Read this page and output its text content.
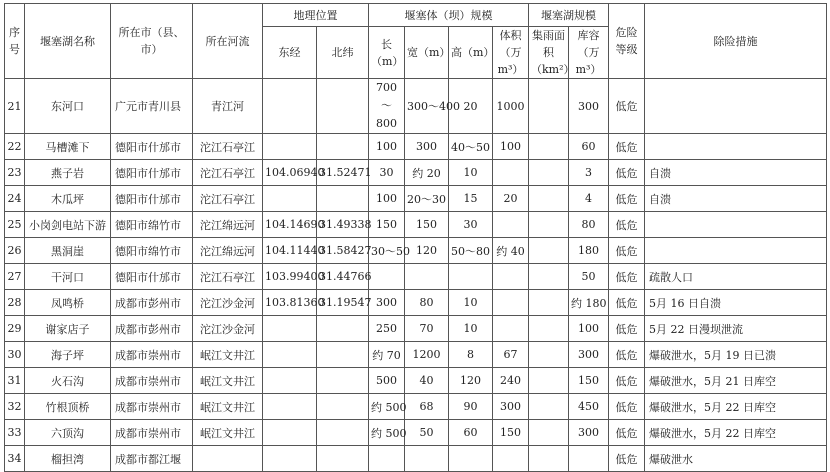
序号	堰塞湖名称	所在市（县、市）	所在河流	地理位置		堰塞体（坝）规模				堰塞湖规模		危险等级	除险措施
				东经	北纬	长（m）	宽（m）	高（m）	体积（万 m³）	集雨面积（km²）	库容（万 m³）		
21	东河口	广元市青川县	青江河			700～800	300～400	20	1000		300	低危	
22	马槽滩下	德阳市什邡市	沱江石亭江			100	300	40～50	100		60	低危	
23	燕子岩	德阳市什邡市	沱江石亭江	104.06940	31.52471	30	约 20	10			3	低危	自溃
24	木瓜坪	德阳市什邡市	沱江石亭江			100	20～30	15	20		4	低危	自溃
25	小岗剑电站下游	德阳市绵竹市	沱江绵远河	104.14690	31.49338	150	150	30			80	低危	
26	黑洞崖	德阳市绵竹市	沱江绵远河	104.11440	31.58427	30～50	120	50～80	约 40		180	低危	
27	干河口	德阳市什邡市	沱江石亭江	103.99400	31.44766						50	低危	疏散人口
28	凤鸣桥	成都市彭州市	沱江沙金河	103.81360	31.19547	300	80	10			约 180	低危	5月 16 日自溃
29	谢家店子	成都市彭州市	沱江沙金河			250	70	10			100	低危	5月 22 日漫坝泄流
30	海子坪	成都市崇州市	岷江文井江			约 70	1200	8	67		300	低危	爆破泄水，5月 19 日已溃
31	火石沟	成都市崇州市	岷江文井江			500	40	120	240		150	低危	爆破泄水，5月 21 日库空
32	竹根顶桥	成都市崇州市	岷江文井江			约 500	68	90	300		450	低危	爆破泄水，5月 22 日库空
33	六顶沟	成都市崇州市	岷江文井江			约 500	50	60	150		300	低危	爆破泄水，5月 22 日库空
34	榴担湾	成都市都江堰										低危	爆破泄水
